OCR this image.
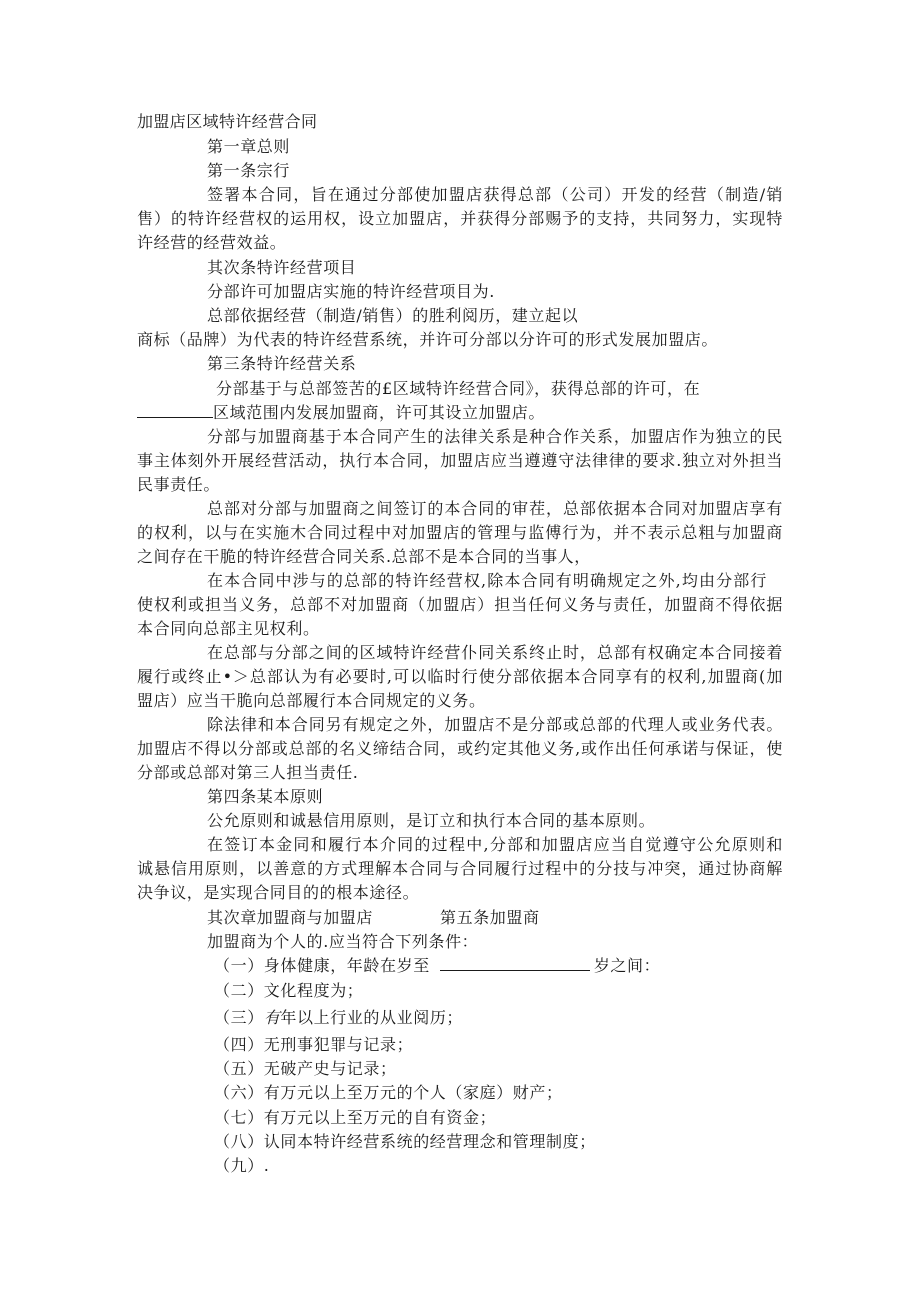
加盟店区域特许经营合同
第一章总则
第一条宗行
签署本合同，旨在通过分部使加盟店获得总部（公司）开发的经营（制造/销
售）的特许经营权的运用权，设立加盟店，并获得分部赐予的支持，共同努力，实现特
许经营的经营效益。
其次条特许经营项目
分部许可加盟店实施的特许经营项目为.
总部依据经营（制造/销售）的胜利阅历，建立起以
商标（品牌）为代表的特许经营系统，并许可分部以分许可的形式发展加盟店。
第三条特许经营关系
分部基于与总部签苦的£区域特许经营合同》，获得总部的许可，在
区域范围内发展加盟商，许可其设立加盟店。
分部与加盟商基于本合同产生的法律关系是种合作关系，加盟店作为独立的民
事主体刻外开展经营活动，执行本合同，加盟店应当遵遵守法律律的要求.独立对外担当
民事责任。
总部对分部与加盟商之间签订的本合同的审茬，总部依据本合同对加盟店享有
的权利，以与在实施木合同过程中对加盟店的管理与监傅行为，并不表示总粗与加盟商
之间存在干脆的特许经营合同关系.总部不是本合同的当事人，
在本合同中涉与的总部的特许经营权,除本合同有明确规定之外,均由分部行
使权利或担当义务，总部不对加盟商（加盟店）担当任何义务与责任，加盟商不得依据
本合同向总部主见权利。
在总部与分部之间的区域特许经营仆同关系终止时，总部有权确定本合同接着
履行或终止•＞总部认为有必要时,可以临时行使分部依据本合同享有的权利,加盟商(加
盟店）应当干脆向总部履行本合同规定的义务。
除法律和本合同另有规定之外，加盟店不是分部或总部的代理人或业务代表。
加盟店不得以分部或总部的名义缔结合同，或约定其他义务,或作出任何承诺与保证，使
分部或总部对第三人担当责任.
第四条某本原则
公允原则和诚悬信用原则，是订立和执行本合同的基本原则。
在签订本金同和履行本介同的过程中,分部和加盟店应当自觉遵守公允原则和
诚悬信用原则，以善意的方式理解本合同与合同履行过程中的分技与冲突，通过协商解
决争议，是实现合同目的的根本途径。
其次章加盟商与加盟店	第五条加盟商
加盟商为个人的.应当符合下列条件：
（一）身体健康，年龄在岁至	岁之间：
（二）文化程度为；
（三）有年以上行业的从业阅历；
（四）无刑事犯罪与记录；
（五）无破产史与记录；
（六）有万元以上至万元的个人（家庭）财产；
（七）有万元以上至万元的自有资金；
（八）认同本特许经营系统的经营理念和管理制度；
（九）.
